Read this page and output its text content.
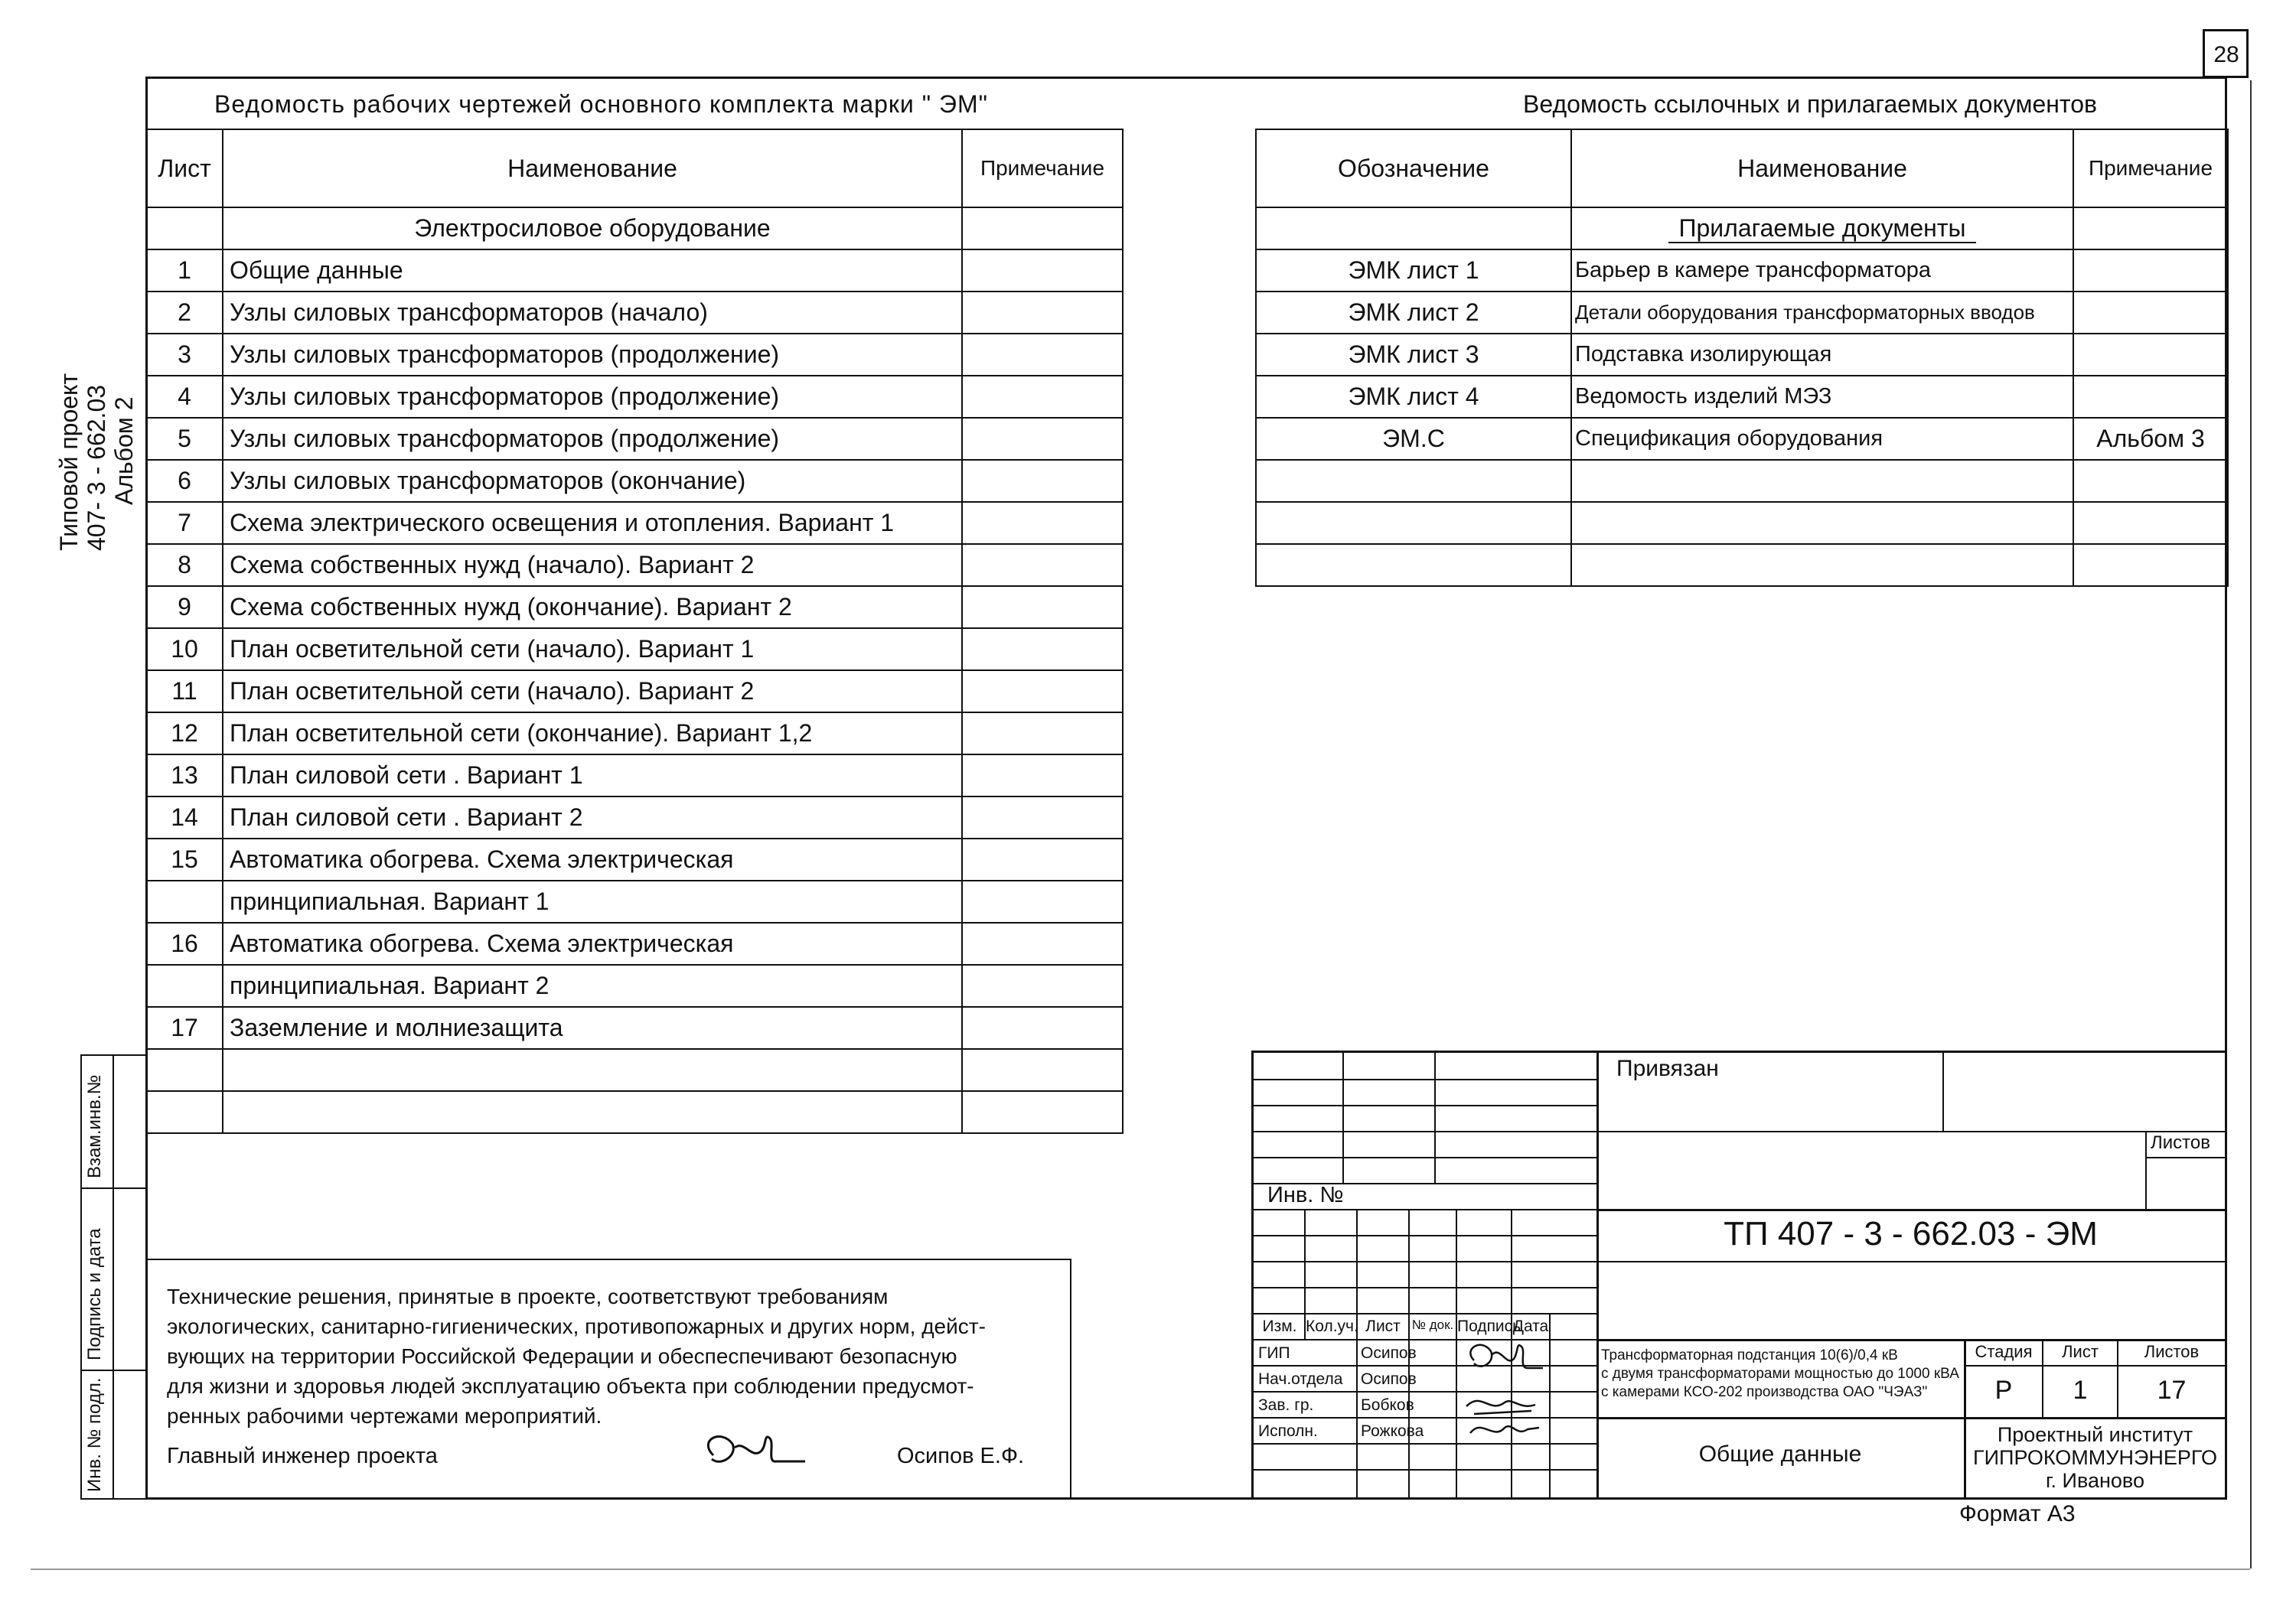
28
Типовой проект 407- 3 - 662.03 Альбом 2
Ведомость рабочих чертежей основного комплекта марки " ЭМ"
Лист	Наименование	Примечание
	Электросиловое оборудование	
1	Общие данные	
2	Узлы силовых трансформаторов (начало)	
3	Узлы силовых трансформаторов (продолжение)	
4	Узлы силовых трансформаторов (продолжение)	
5	Узлы силовых трансформаторов (продолжение)	
6	Узлы силовых трансформаторов (окончание)	
7	Схема электрического освещения и отопления. Вариант 1	
8	Схема собственных нужд (начало). Вариант 2	
9	Схема собственных нужд (окончание). Вариант 2	
10	План осветительной сети (начало). Вариант 1	
11	План осветительной сети (начало). Вариант 2	
12	План осветительной сети (окончание). Вариант 1,2	
13	План силовой сети . Вариант 1	
14	План силовой сети . Вариант 2	
15	Автоматика обогрева. Схема электрическая	
	принципиальная. Вариант 1	
16	Автоматика обогрева. Схема электрическая	
	принципиальная. Вариант 2	
17	Заземление и молниезащита	

Ведомость ссылочных и прилагаемых документов
Обозначение	Наименование	Примечание
	Прилагаемые документы	
ЭМК лист 1	Барьер в камере трансформатора	
ЭМК лист 2	Детали оборудования трансформаторных вводов	
ЭМК лист 3	Подставка изолирующая	
ЭМК лист 4	Ведомость изделий МЭЗ	
ЭМ.С	Спецификация оборудования	Альбом 3

Взам.инв.№
Подпись и дата
Инв. № подл.
Технические решения, принятые в проекте, соответствуют требованиям
экологических, санитарно-гигиенических, противопожарных и других норм, дейст-
вующих на территории Российской Федерации и обеспеспечивают безопасную
для жизни и здоровья людей эксплуатацию объекта при соблюдении предусмот-
ренных рабочими чертежами мероприятий.
Главный инженер проекта	Осипов Е.Ф.
Инв. №
Изм. Кол.уч. Лист № док. Подпись
Дата
ГИП	Осипов
Нач.отдела Осипов
Зав. гр.	Бобков
Исполн.	Рожкова
Привязан
Листов
ТП 407 - 3 - 662.03 - ЭМ
Трансформаторная подстанция 10(6)/0,4 кВ
с двумя трансформаторами мощностью до 1000 кВА
с камерами КСО-202 производства ОАО "ЧЭАЗ"
Общие данные
Стадия	Лист	Листов
Р	1	17
Проектный институт
ГИПРОКОММУНЭНЕРГО
г. Иваново
Формат А3
